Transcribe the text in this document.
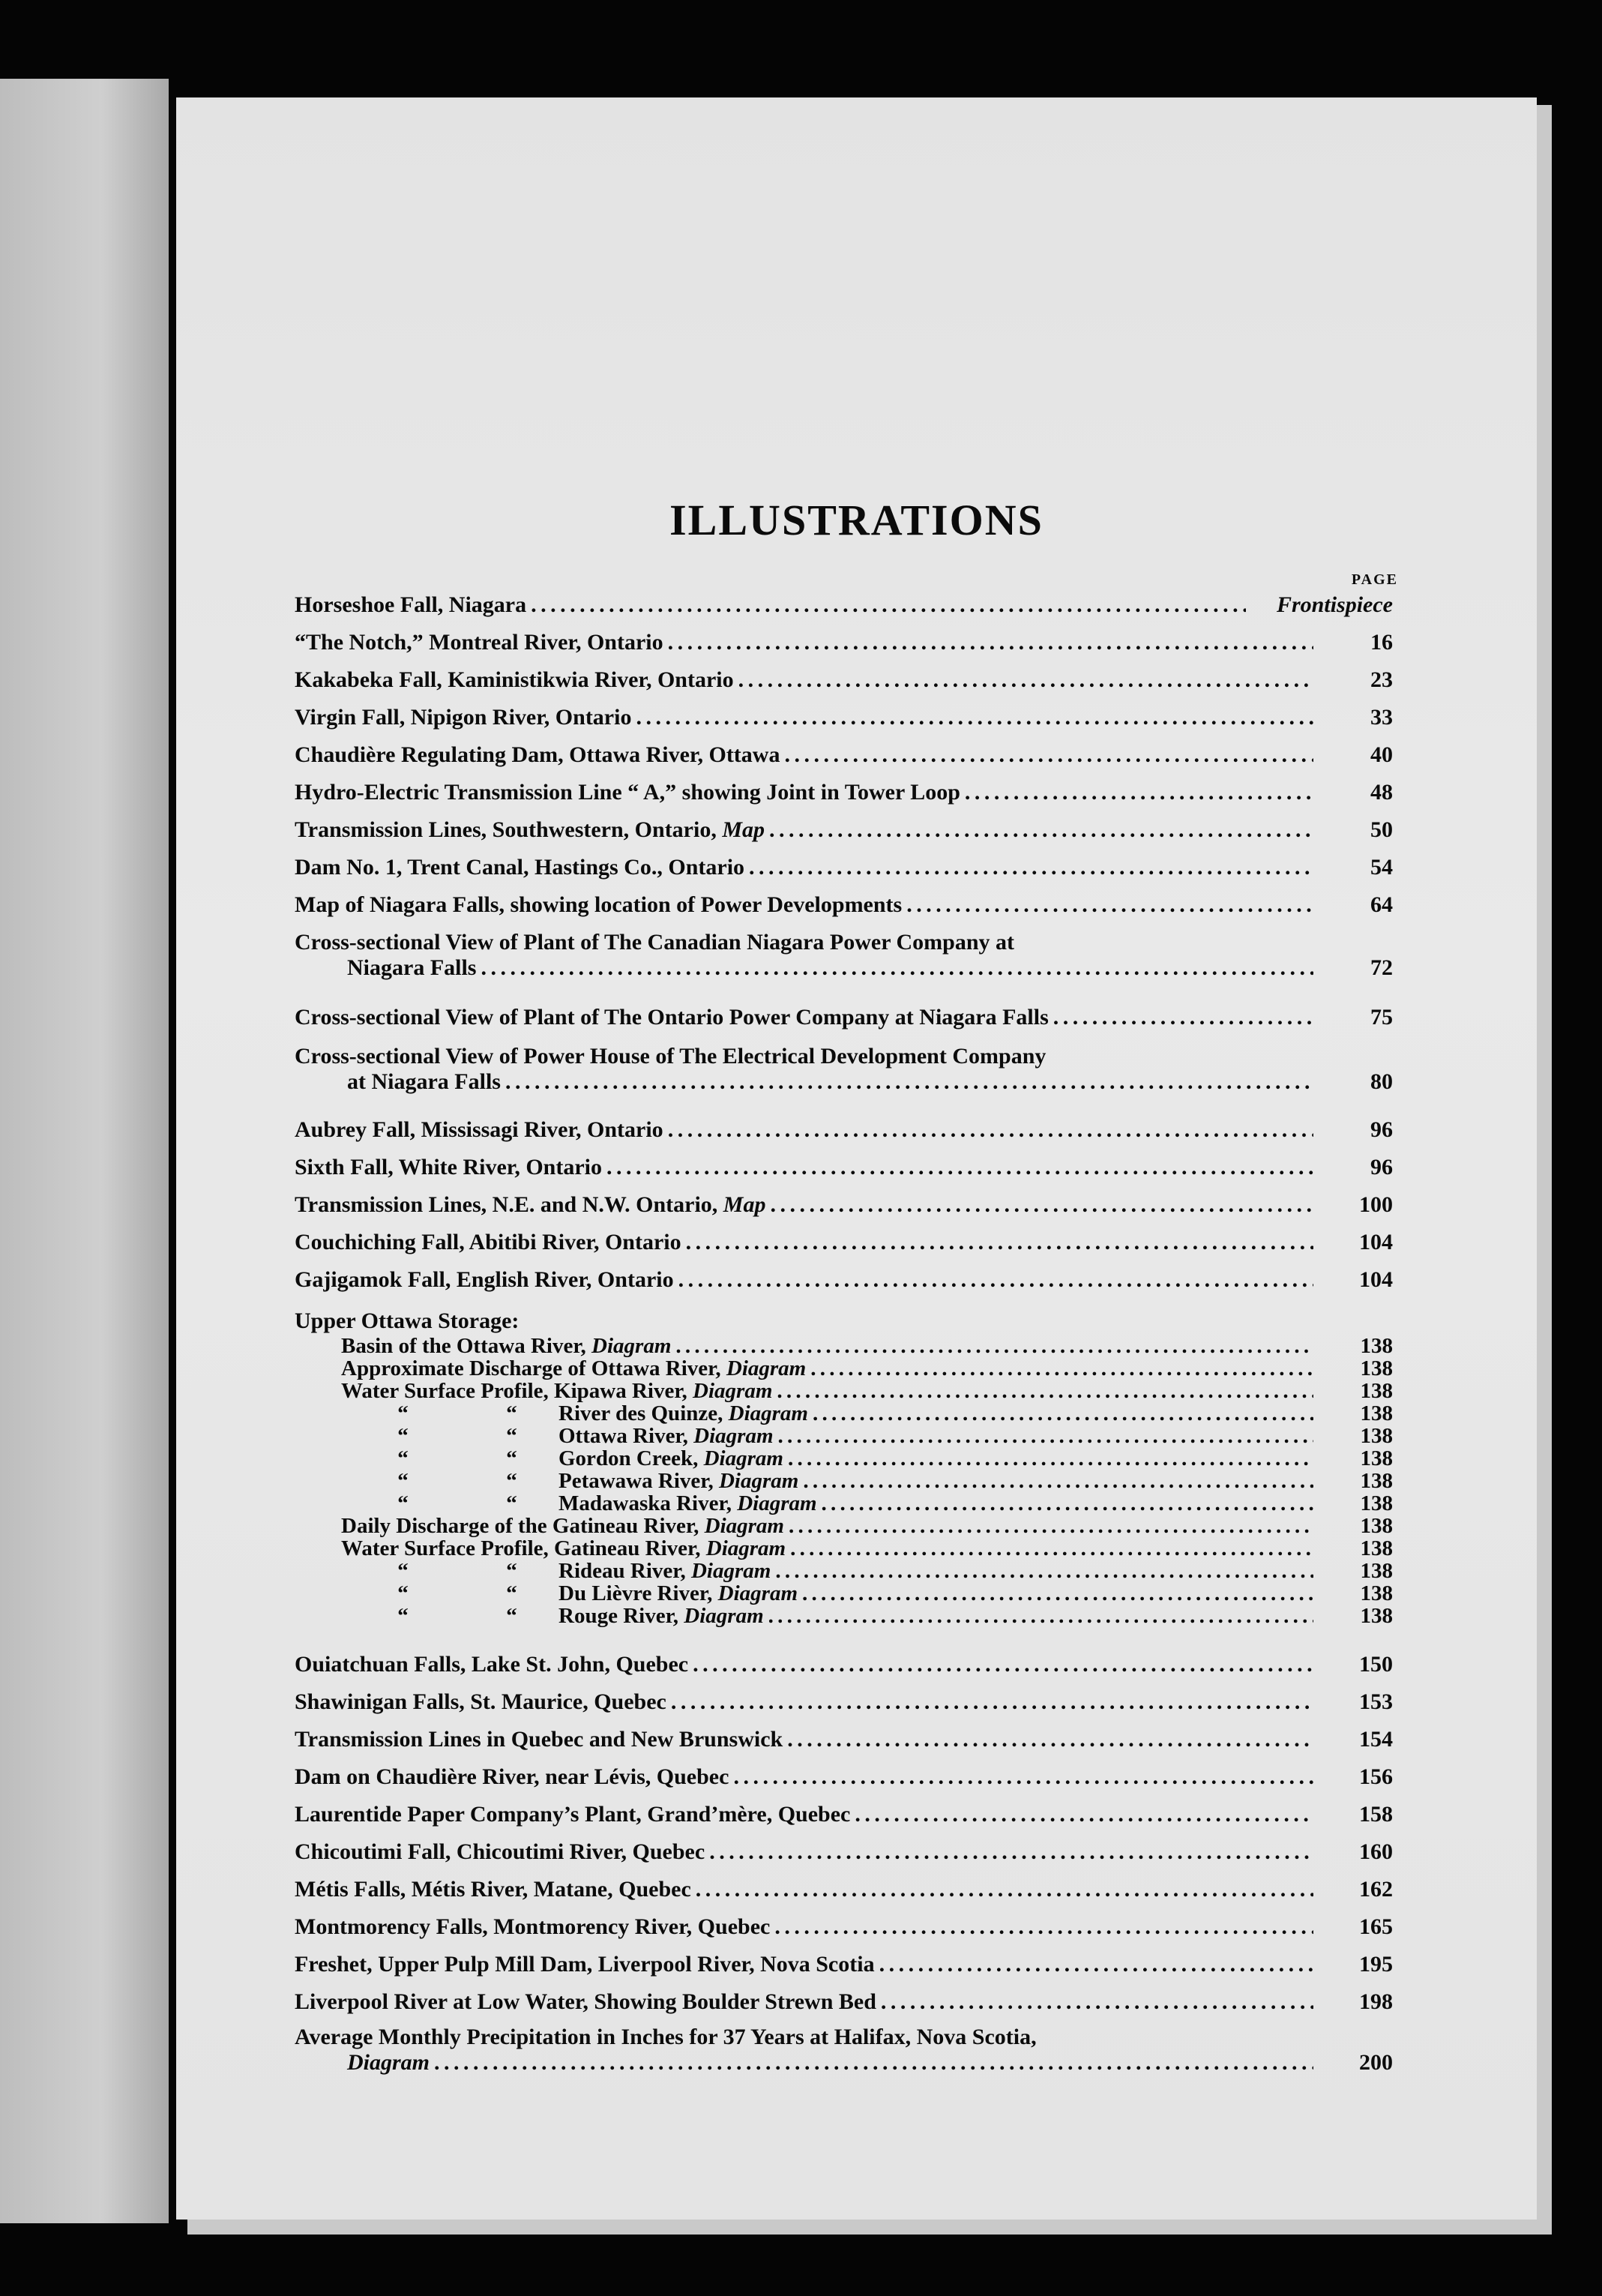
ILLUSTRATIONS
PAGE
Horseshoe Fall, Niagara . . .	Frontispiece
“The Notch,” Montreal River, Ontario . . .	16
Kakabeka Fall, Kaministikwia River, Ontario . . .	23
Virgin Fall, Nipigon River, Ontario . . .	33
Chaudière Regulating Dam, Ottawa River, Ottawa . . .	40
Hydro-Electric Transmission Line “ A,” showing Joint in Tower Loop . . .	48
Transmission Lines, Southwestern, Ontario, Map . . .	50
Dam No. 1, Trent Canal, Hastings Co., Ontario . . .	54
Map of Niagara Falls, showing location of Power Developments . . .	64
Cross-sectional View of Plant of The Canadian Niagara Power Company at
Niagara Falls . . .	72
Cross-sectional View of Plant of The Ontario Power Company at Niagara Falls . . .	75
Cross-sectional View of Power House of The Electrical Development Company
at Niagara Falls . . .	80
Aubrey Fall, Mississagi River, Ontario . . .	96
Sixth Fall, White River, Ontario . . .	96
Transmission Lines, N.E. and N.W. Ontario, Map . . .	100
Couchiching Fall, Abitibi River, Ontario . . .	104
Gajigamok Fall, English River, Ontario . . .	104
Upper Ottawa Storage:
Basin of the Ottawa River, Diagram . . .	138
Approximate Discharge of Ottawa River, Diagram . . .	138
Water Surface Profile, Kipawa River, Diagram . . .	138
“	“ River des Quinze, Diagram . . .	138
“	“ Ottawa River, Diagram . . .	138
“	“ Gordon Creek, Diagram . . .	138
“	“ Petawawa River, Diagram . . .	138
“	“ Madawaska River, Diagram . . .	138
Daily Discharge of the Gatineau River, Diagram . . .	138
Water Surface Profile, Gatineau River, Diagram . . .	138
“	“ Rideau River, Diagram . . .	138
“	“ Du Lièvre River, Diagram . . .	138
“	“ Rouge River, Diagram . . .	138
Ouiatchuan Falls, Lake St. John, Quebec . . .	150
Shawinigan Falls, St. Maurice, Quebec . . .	153
Transmission Lines in Quebec and New Brunswick . . .	154
Dam on Chaudière River, near Lévis, Quebec . . .	156
Laurentide Paper Company’s Plant, Grand’mère, Quebec . . .	158
Chicoutimi Fall, Chicoutimi River, Quebec . . .	160
Métis Falls, Métis River, Matane, Quebec . . .	162
Montmorency Falls, Montmorency River, Quebec . . .	165
Freshet, Upper Pulp Mill Dam, Liverpool River, Nova Scotia . . .	195
Liverpool River at Low Water, Showing Boulder Strewn Bed . . .	198
Average Monthly Precipitation in Inches for 37 Years at Halifax, Nova Scotia,
Diagram . . .	200
